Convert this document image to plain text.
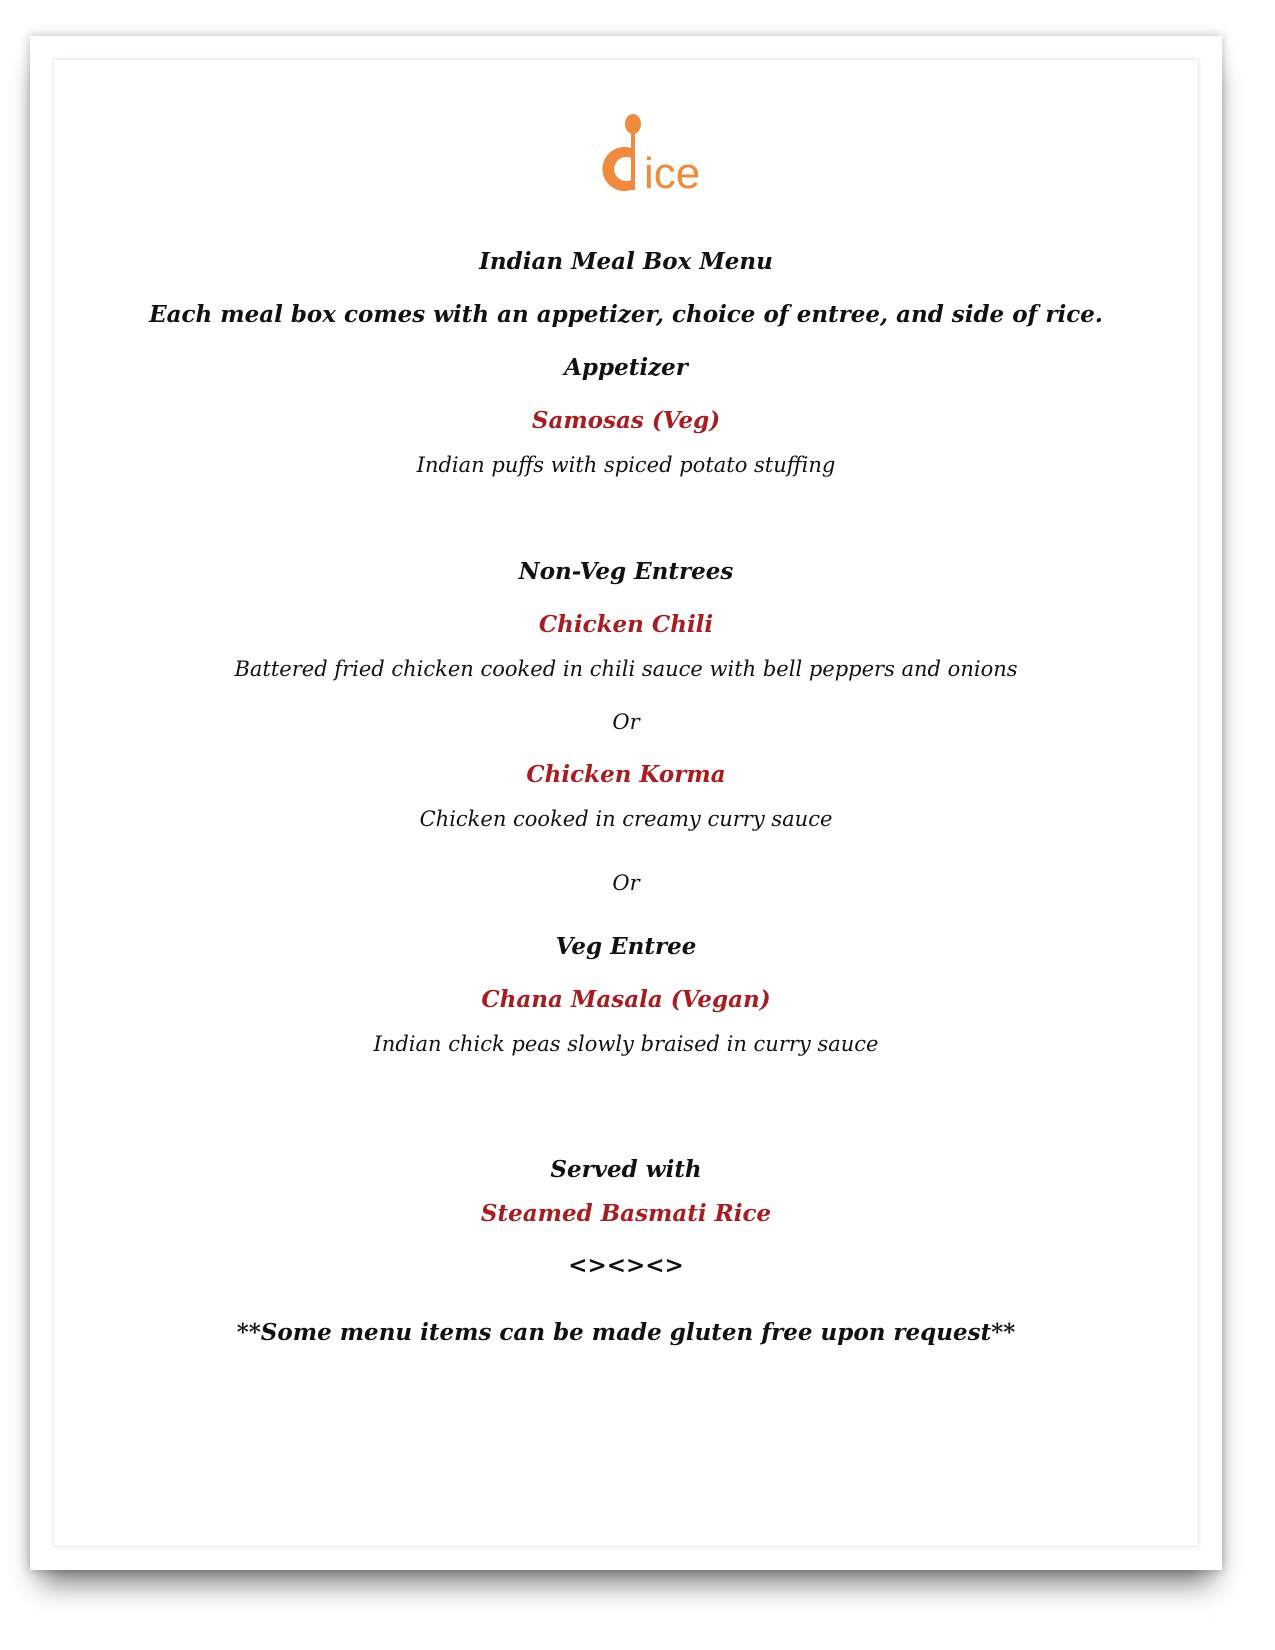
ice
Indian Meal Box Menu
Each meal box comes with an appetizer, choice of entree, and side of rice.
Appetizer
Samosas (Veg)
Indian puffs with spiced potato stuffing
Non-Veg Entrees
Chicken Chili
Battered fried chicken cooked in chili sauce with bell peppers and onions
Or
Chicken Korma
Chicken cooked in creamy curry sauce
Or
Veg Entree
Chana Masala (Vegan)
Indian chick peas slowly braised in curry sauce
Served with
Steamed Basmati Rice
<><><>
**Some menu items can be made gluten free upon request**
